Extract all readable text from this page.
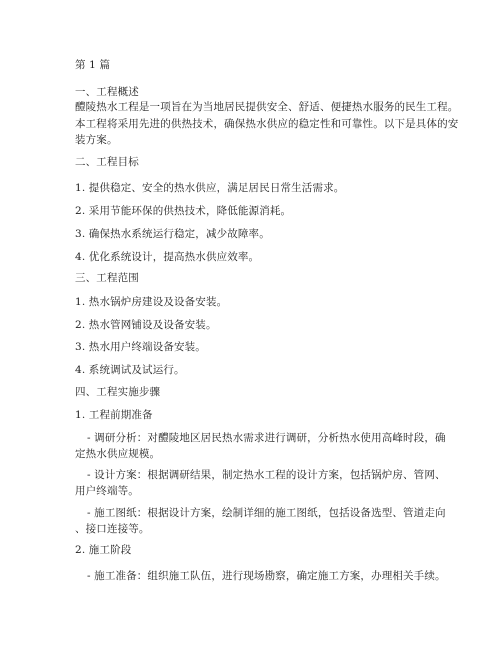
第 1 篇
一、工程概述
醴陵热水工程是一项旨在为当地居民提供安全、舒适、便捷热水服务的民生工程。
本工程将采用先进的供热技术，确保热水供应的稳定性和可靠性。以下是具体的安
装方案。
二、工程目标
1. 提供稳定、安全的热水供应，满足居民日常生活需求。
2. 采用节能环保的供热技术，降低能源消耗。
3. 确保热水系统运行稳定，减少故障率。
4. 优化系统设计，提高热水供应效率。
三、工程范围
1. 热水锅炉房建设及设备安装。
2. 热水管网铺设及设备安装。
3. 热水用户终端设备安装。
4. 系统调试及试运行。
四、工程实施步骤
1. 工程前期准备
- 调研分析：对醴陵地区居民热水需求进行调研，分析热水使用高峰时段，确
定热水供应规模。
- 设计方案：根据调研结果，制定热水工程的设计方案，包括锅炉房、管网、
用户终端等。
- 施工图纸：根据设计方案，绘制详细的施工图纸，包括设备选型、管道走向
、接口连接等。
2. 施工阶段
- 施工准备：组织施工队伍，进行现场勘察，确定施工方案，办理相关手续。
